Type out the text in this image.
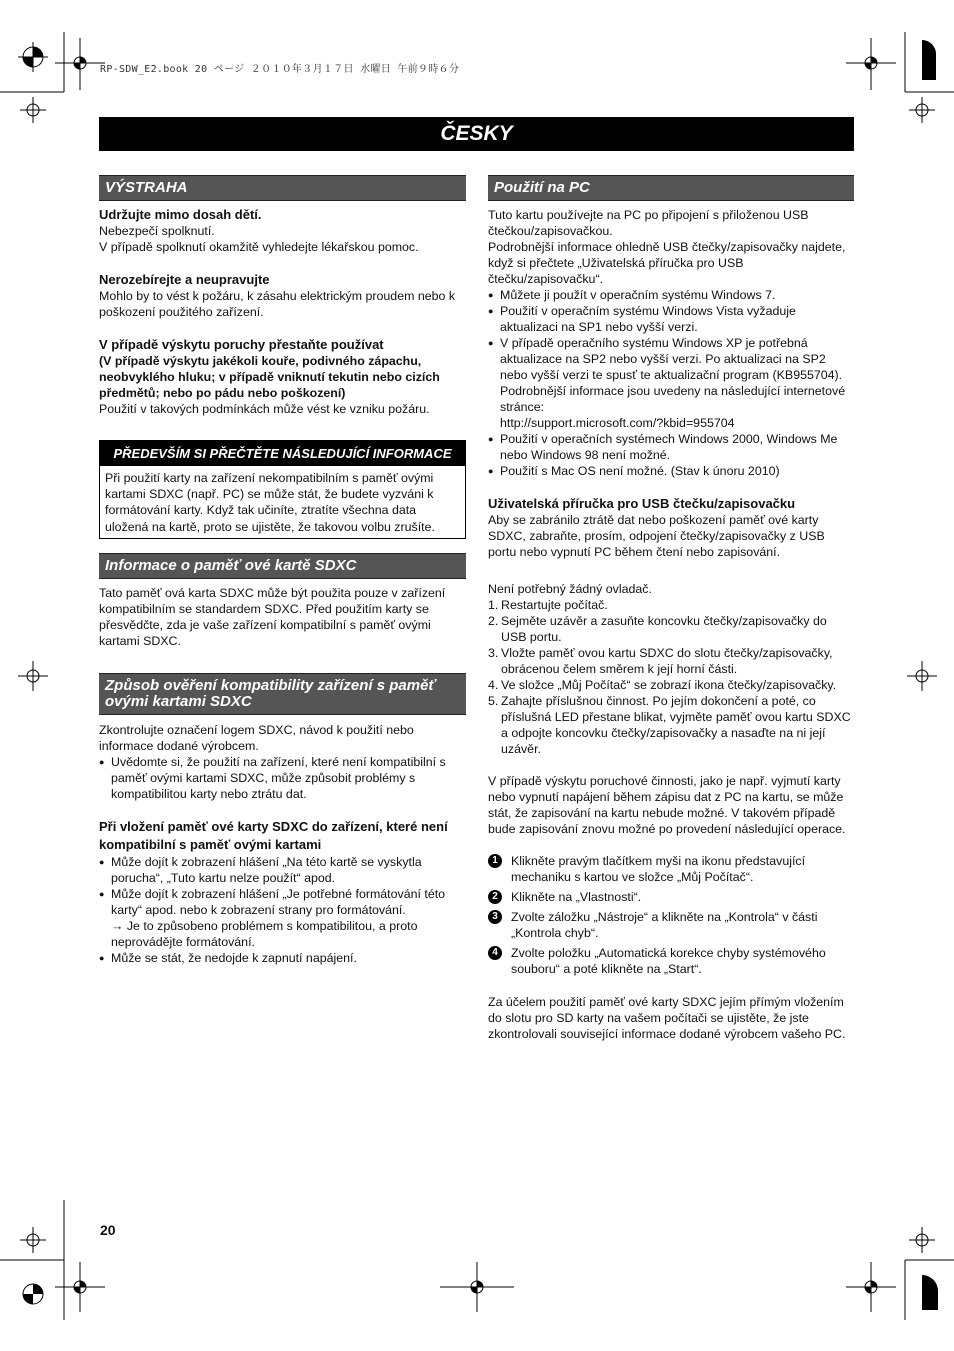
RP-SDW_E2.book 20 ページ ２０１０年３月１７日 水曜日 午前９時６分
ČESKY
VÝSTRAHA

Udržujte mimo dosah dětí.

Nebezpečí spolknutí.

V případě spolknutí okamžitě vyhledejte lékařskou pomoc.

Nerozebírejte a neupravujte

Mohlo by to vést k požáru, k zásahu elektrickým proudem nebo k poškození použitého zařízení.

V případě výskytu poruchy přestaňte používat

(V případě výskytu jakékoli kouře, podivného zápachu, neobvyklého hluku; v případě vniknutí tekutin nebo cizích předmětů; nebo po pádu nebo poškození)

Použití v takových podmínkách může vést ke vzniku požáru.

PŘEDEVŠÍM SI PŘEČTĚTE NÁSLEDUJÍCÍ INFORMACE
Při použití karty na zařízení nekompatibilním s paměť ovými kartami SDXC (např. PC) se může stát, že budete vyzváni k formátování karty. Když tak učiníte, ztratíte všechna data uložená na kartě, proto se ujistěte, že takovou volbu zrušíte.
Informace o paměť ové kartě SDXC

Tato paměť ová karta SDXC může být použita pouze v zařízení kompatibilním se standardem SDXC. Před použitím karty se přesvědčte, zda je vaše zařízení kompatibilní s paměť ovými kartami SDXC.

Způsob ověření kompatibility zařízení s paměť ovými kartami SDXC

Zkontrolujte označení logem SDXC, návod k použití nebo informace dodané výrobcem.

● Uvědomte si, že použití na zařízení, které není kompatibilní s paměť ovými kartami SDXC, může způsobit problémy s kompatibilitou karty nebo ztrátu dat.

Při vložení paměť ové karty SDXC do zařízení, které není kompatibilní s paměť ovými kartami

● Může dojít k zobrazení hlášení „Na této kartě se vyskytla porucha“, „Tuto kartu nelze použít“ apod.

● Může dojít k zobrazení hlášení „Je potřebné formátování této karty“ apod. nebo k zobrazení strany pro formátování.

→ Je to způsobeno problémem s kompatibilitou, a proto neprovádějte formátování.

● Může se stát, že nedojde k zapnutí napájení.

Použití na PC

Tuto kartu používejte na PC po připojení s přiloženou USB čtečkou/zapisovačkou.

Podrobnější informace ohledně USB čtečky/zapisovačky najdete, když si přečtete „Uživatelská příručka pro USB čtečku/zapisovačku“.

● Můžete ji použít v operačním systému Windows 7.

● Použití v operačním systému Windows Vista vyžaduje aktualizaci na SP1 nebo vyšší verzi.

● V případě operačního systému Windows XP je potřebná aktualizace na SP2 nebo vyšší verzi. Po aktualizaci na SP2 nebo vyšší verzi te spusť te aktualizační program (KB955704). Podrobnější informace jsou uvedeny na následující internetové stránce:

http://support.microsoft.com/?kbid=955704

● Použití v operačních systémech Windows 2000, Windows Me nebo Windows 98 není možné.

● Použití s Mac OS není možné. (Stav k únoru 2010)

Uživatelská příručka pro USB čtečku/zapisovačku

Aby se zabránilo ztrátě dat nebo poškození paměť ové karty SDXC, zabraňte, prosím, odpojení čtečky/zapisovačky z USB portu nebo vypnutí PC během čtení nebo zapisování.

Není potřebný žádný ovladač.

1. Restartujte počítač.

2. Sejměte uzávěr a zasuňte koncovku čtečky/zapisovačky do USB portu.

3. Vložte paměť ovou kartu SDXC do slotu čtečky/zapisovačky, obrácenou čelem směrem k její horní části.

4. Ve složce „Můj Počítač“ se zobrazí ikona čtečky/zapisovačky.

5. Zahajte příslušnou činnost. Po jejím dokončení a poté, co příslušná LED přestane blikat, vyjměte paměť ovou kartu SDXC a odpojte koncovku čtečky/zapisovačky a nasaďte na ni její uzávěr.

V případě výskytu poruchové činnosti, jako je např. vyjmutí karty nebo vypnutí napájení během zápisu dat z PC na kartu, se může stát, že zapisování na kartu nebude možné. V takovém případě bude zapisování znovu možné po provedení následující operace.

1	Klikněte pravým tlačítkem myši na ikonu představující mechaniku s kartou ve složce „Můj Počítač“.

2	Klikněte na „Vlastnosti“.

3	Zvolte záložku „Nástroje“ a klikněte na „Kontrola“ v části „Kontrola chyb“.

4	Zvolte položku „Automatická korekce chyby systémového souboru“ a poté klikněte na „Start“.

Za účelem použití paměť ové karty SDXC jejím přímým vložením do slotu pro SD karty na vašem počítači se ujistěte, že jste zkontrolovali související informace dodané výrobcem vašeho PC.

20
